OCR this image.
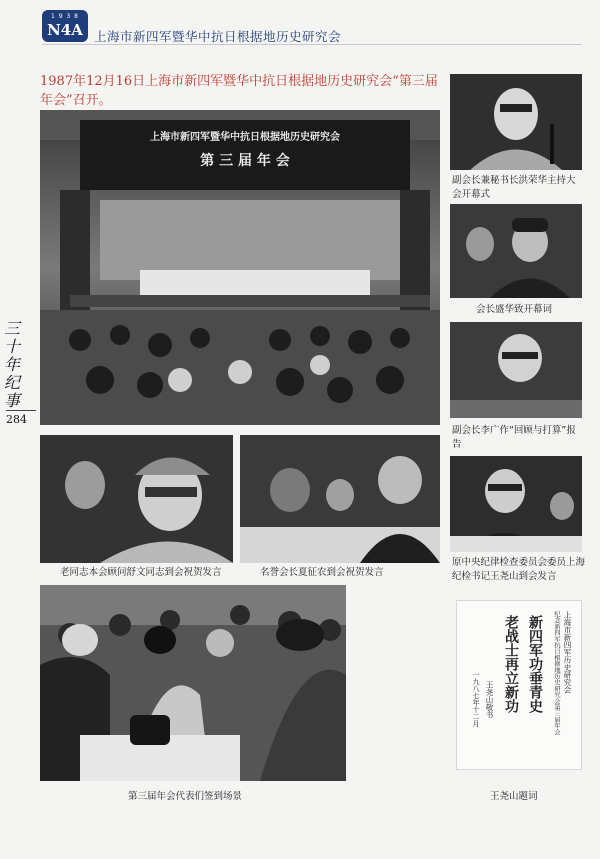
1 9 3 8
N4A 上海市新四军暨华中抗日根据地历史研究会
1987年12月16日上海市新四军暨华中抗日根据地历史研究会“第三届年会”召开。
上海市新四军暨华中抗日根据地历史研究会
第 三 届 年 会
副会长兼秘书长洪荣华主持大会开幕式
会长盛华致开幕词
副会长李广作“回顾与打算”报告
老同志本会顾问舒文同志到会祝贺发言	名誉会长夏征农到会祝贺发言
原中央纪律检查委员会委员上海纪检书记王尧山到会发言
第三届年会代表们签到场景
上海市新四军历史研究会
纪念新四军抗日根据地历史研究会第三届年会
新四军功垂青史
老战士再立新功
王尧山敬书
一九八七年十二月
王尧山题词
三十年纪事
284
